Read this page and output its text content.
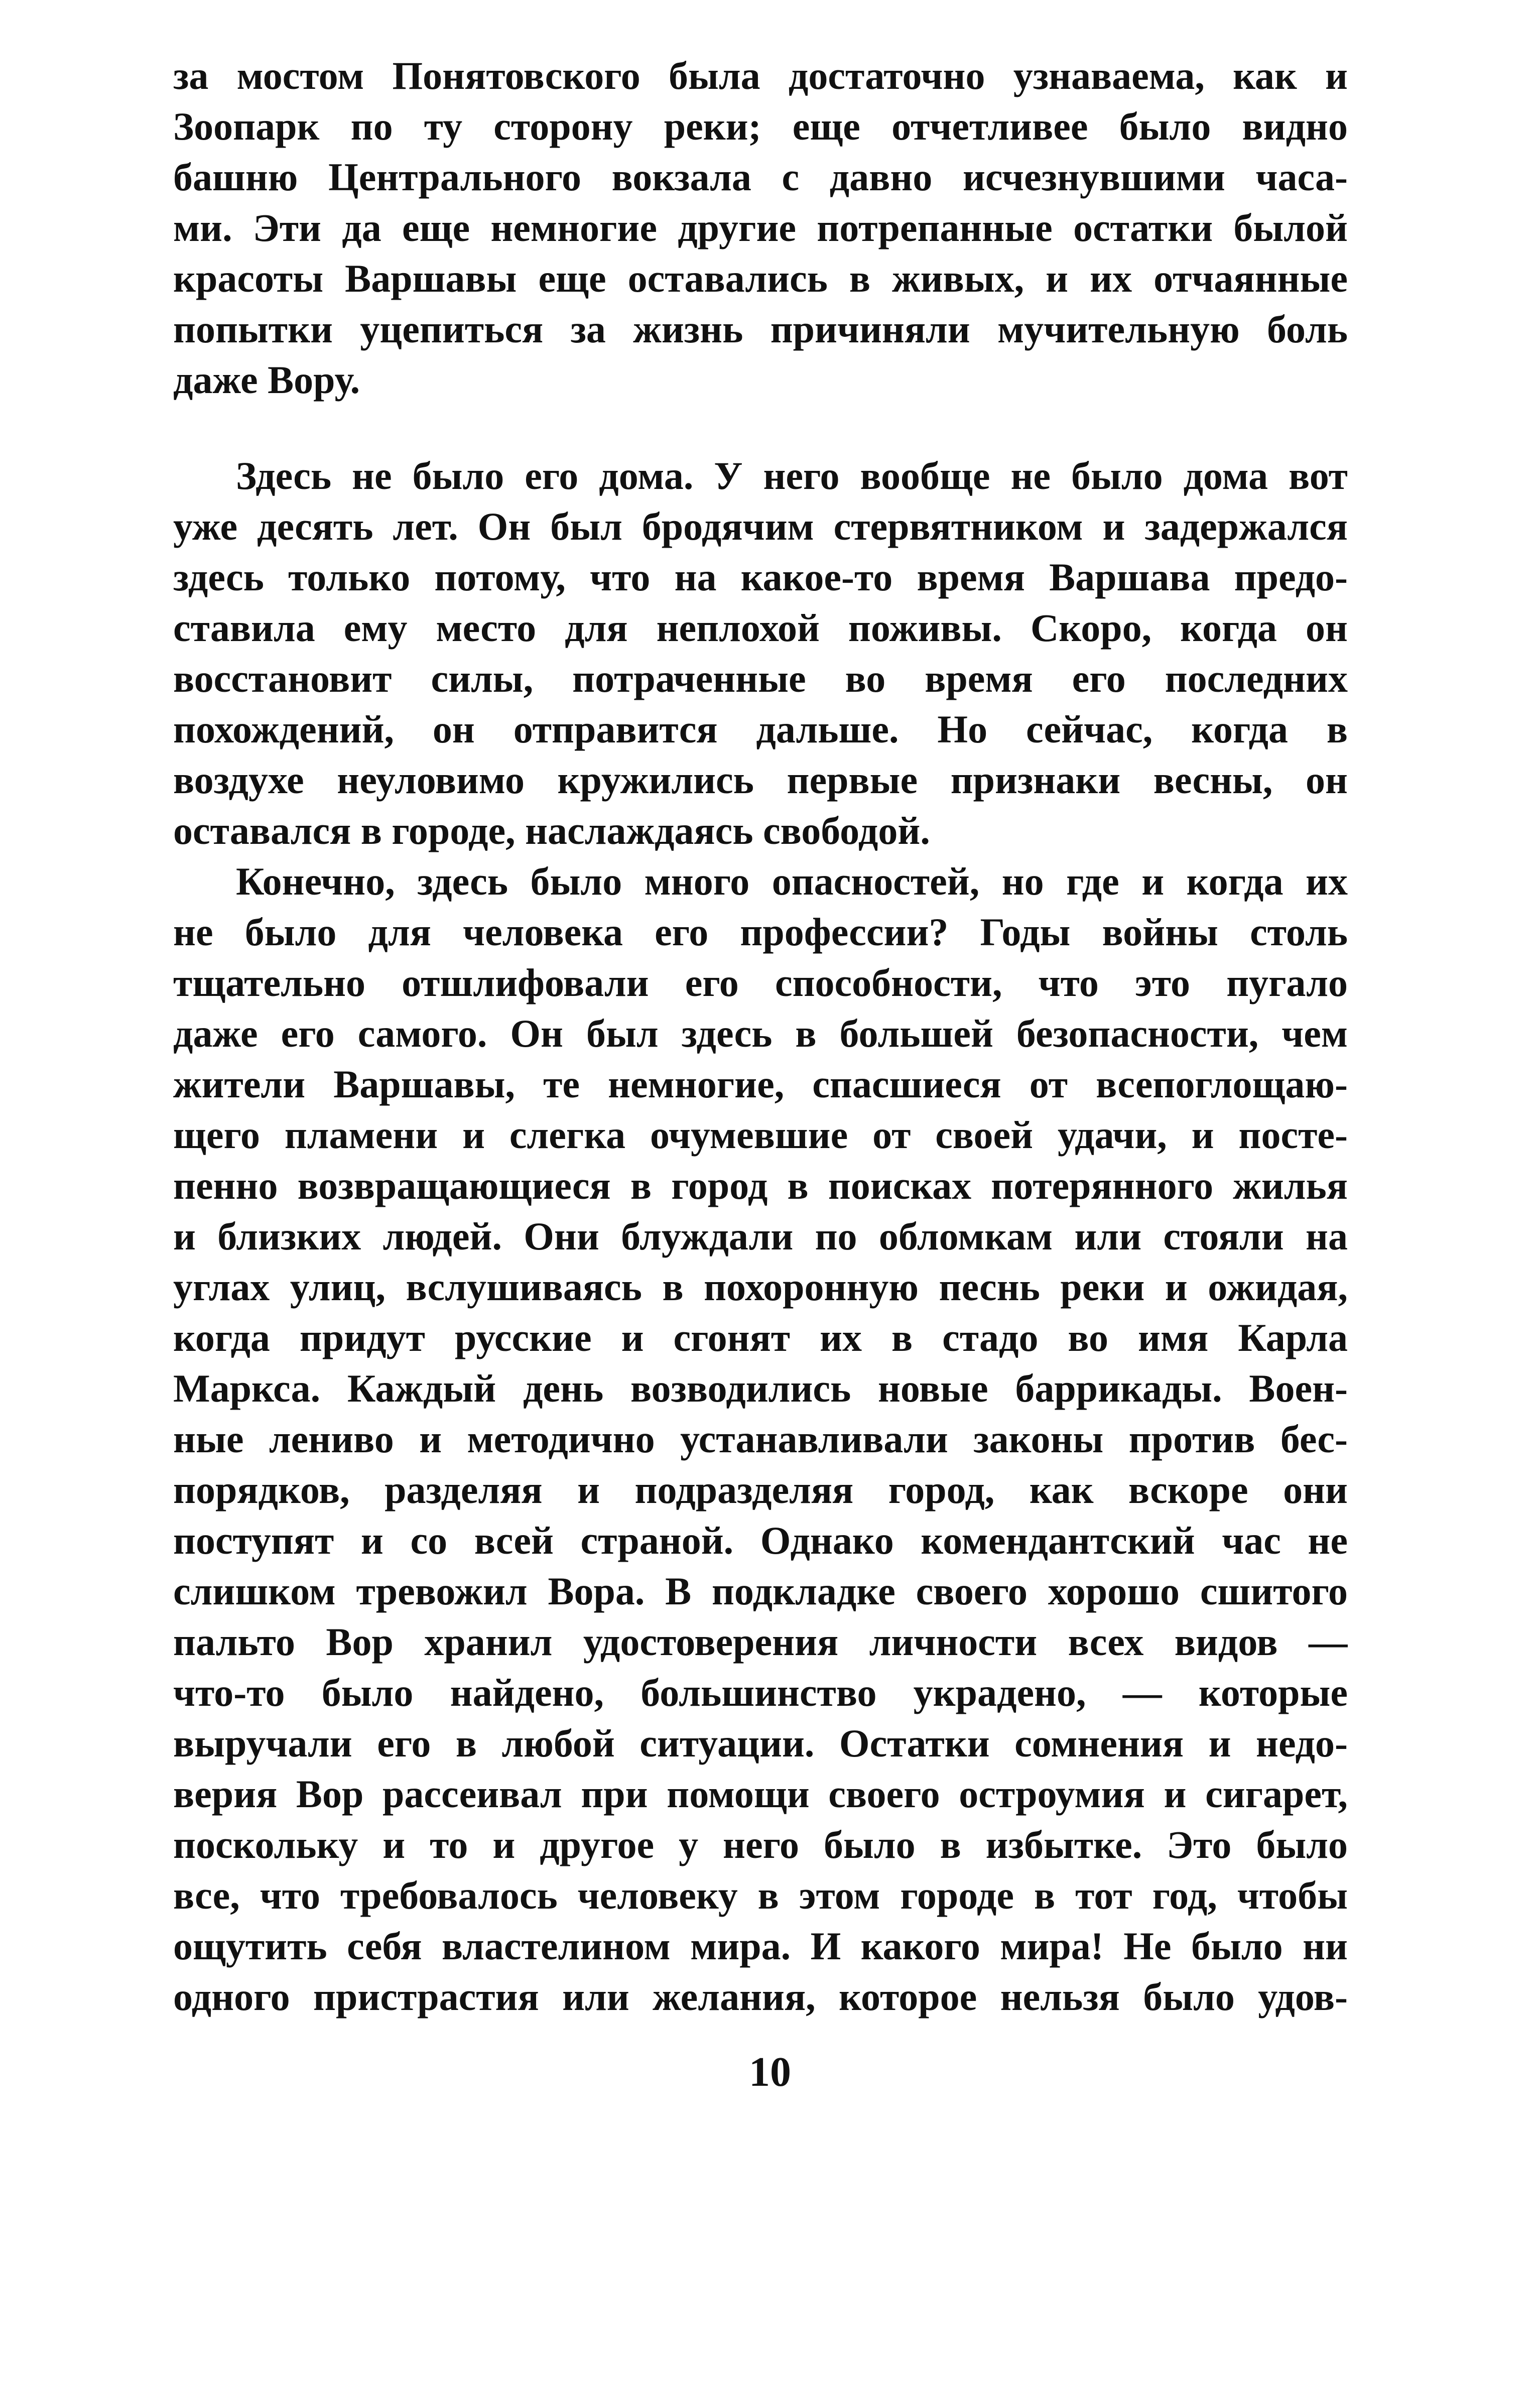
за мостом Понятовского была достаточно узнаваема, как и
Зоопарк по ту сторону реки; еще отчетливее было видно
башню Центрального вокзала с давно исчезнувшими часа-
ми. Эти да еще немногие другие потрепанные остатки былой
красоты Варшавы еще оставались в живых, и их отчаянные
попытки уцепиться за жизнь причиняли мучительную боль
даже Вору.
Здесь не было его дома. У него вообще не было дома вот
уже десять лет. Он был бродячим стервятником и задержался
здесь только потому, что на какое-то время Варшава предо-
ставила ему место для неплохой поживы. Скоро, когда он
восстановит силы, потраченные во время его последних
похождений, он отправится дальше. Но сейчас, когда в
воздухе неуловимо кружились первые признаки весны, он
оставался в городе, наслаждаясь свободой.
Конечно, здесь было много опасностей, но где и когда их
не было для человека его профессии? Годы войны столь
тщательно отшлифовали его способности, что это пугало
даже его самого. Он был здесь в большей безопасности, чем
жители Варшавы, те немногие, спасшиеся от всепоглощаю-
щего пламени и слегка очумевшие от своей удачи, и посте-
пенно возвращающиеся в город в поисках потерянного жилья
и близких людей. Они блуждали по обломкам или стояли на
углах улиц, вслушиваясь в похоронную песнь реки и ожидая,
когда придут русские и сгонят их в стадо во имя Карла
Маркса. Каждый день возводились новые баррикады. Воен-
ные лениво и методично устанавливали законы против бес-
порядков, разделяя и подразделяя город, как вскоре они
поступят и со всей страной. Однако комендантский час не
слишком тревожил Вора. В подкладке своего хорошо сшитого
пальто Вор хранил удостоверения личности всех видов —
что-то было найдено, большинство украдено, — которые
выручали его в любой ситуации. Остатки сомнения и недо-
верия Вор рассеивал при помощи своего остроумия и сигарет,
поскольку и то и другое у него было в избытке. Это было
все, что требовалось человеку в этом городе в тот год, чтобы
ощутить себя властелином мира. И какого мира! Не было ни
одного пристрастия или желания, которое нельзя было удов-
10
